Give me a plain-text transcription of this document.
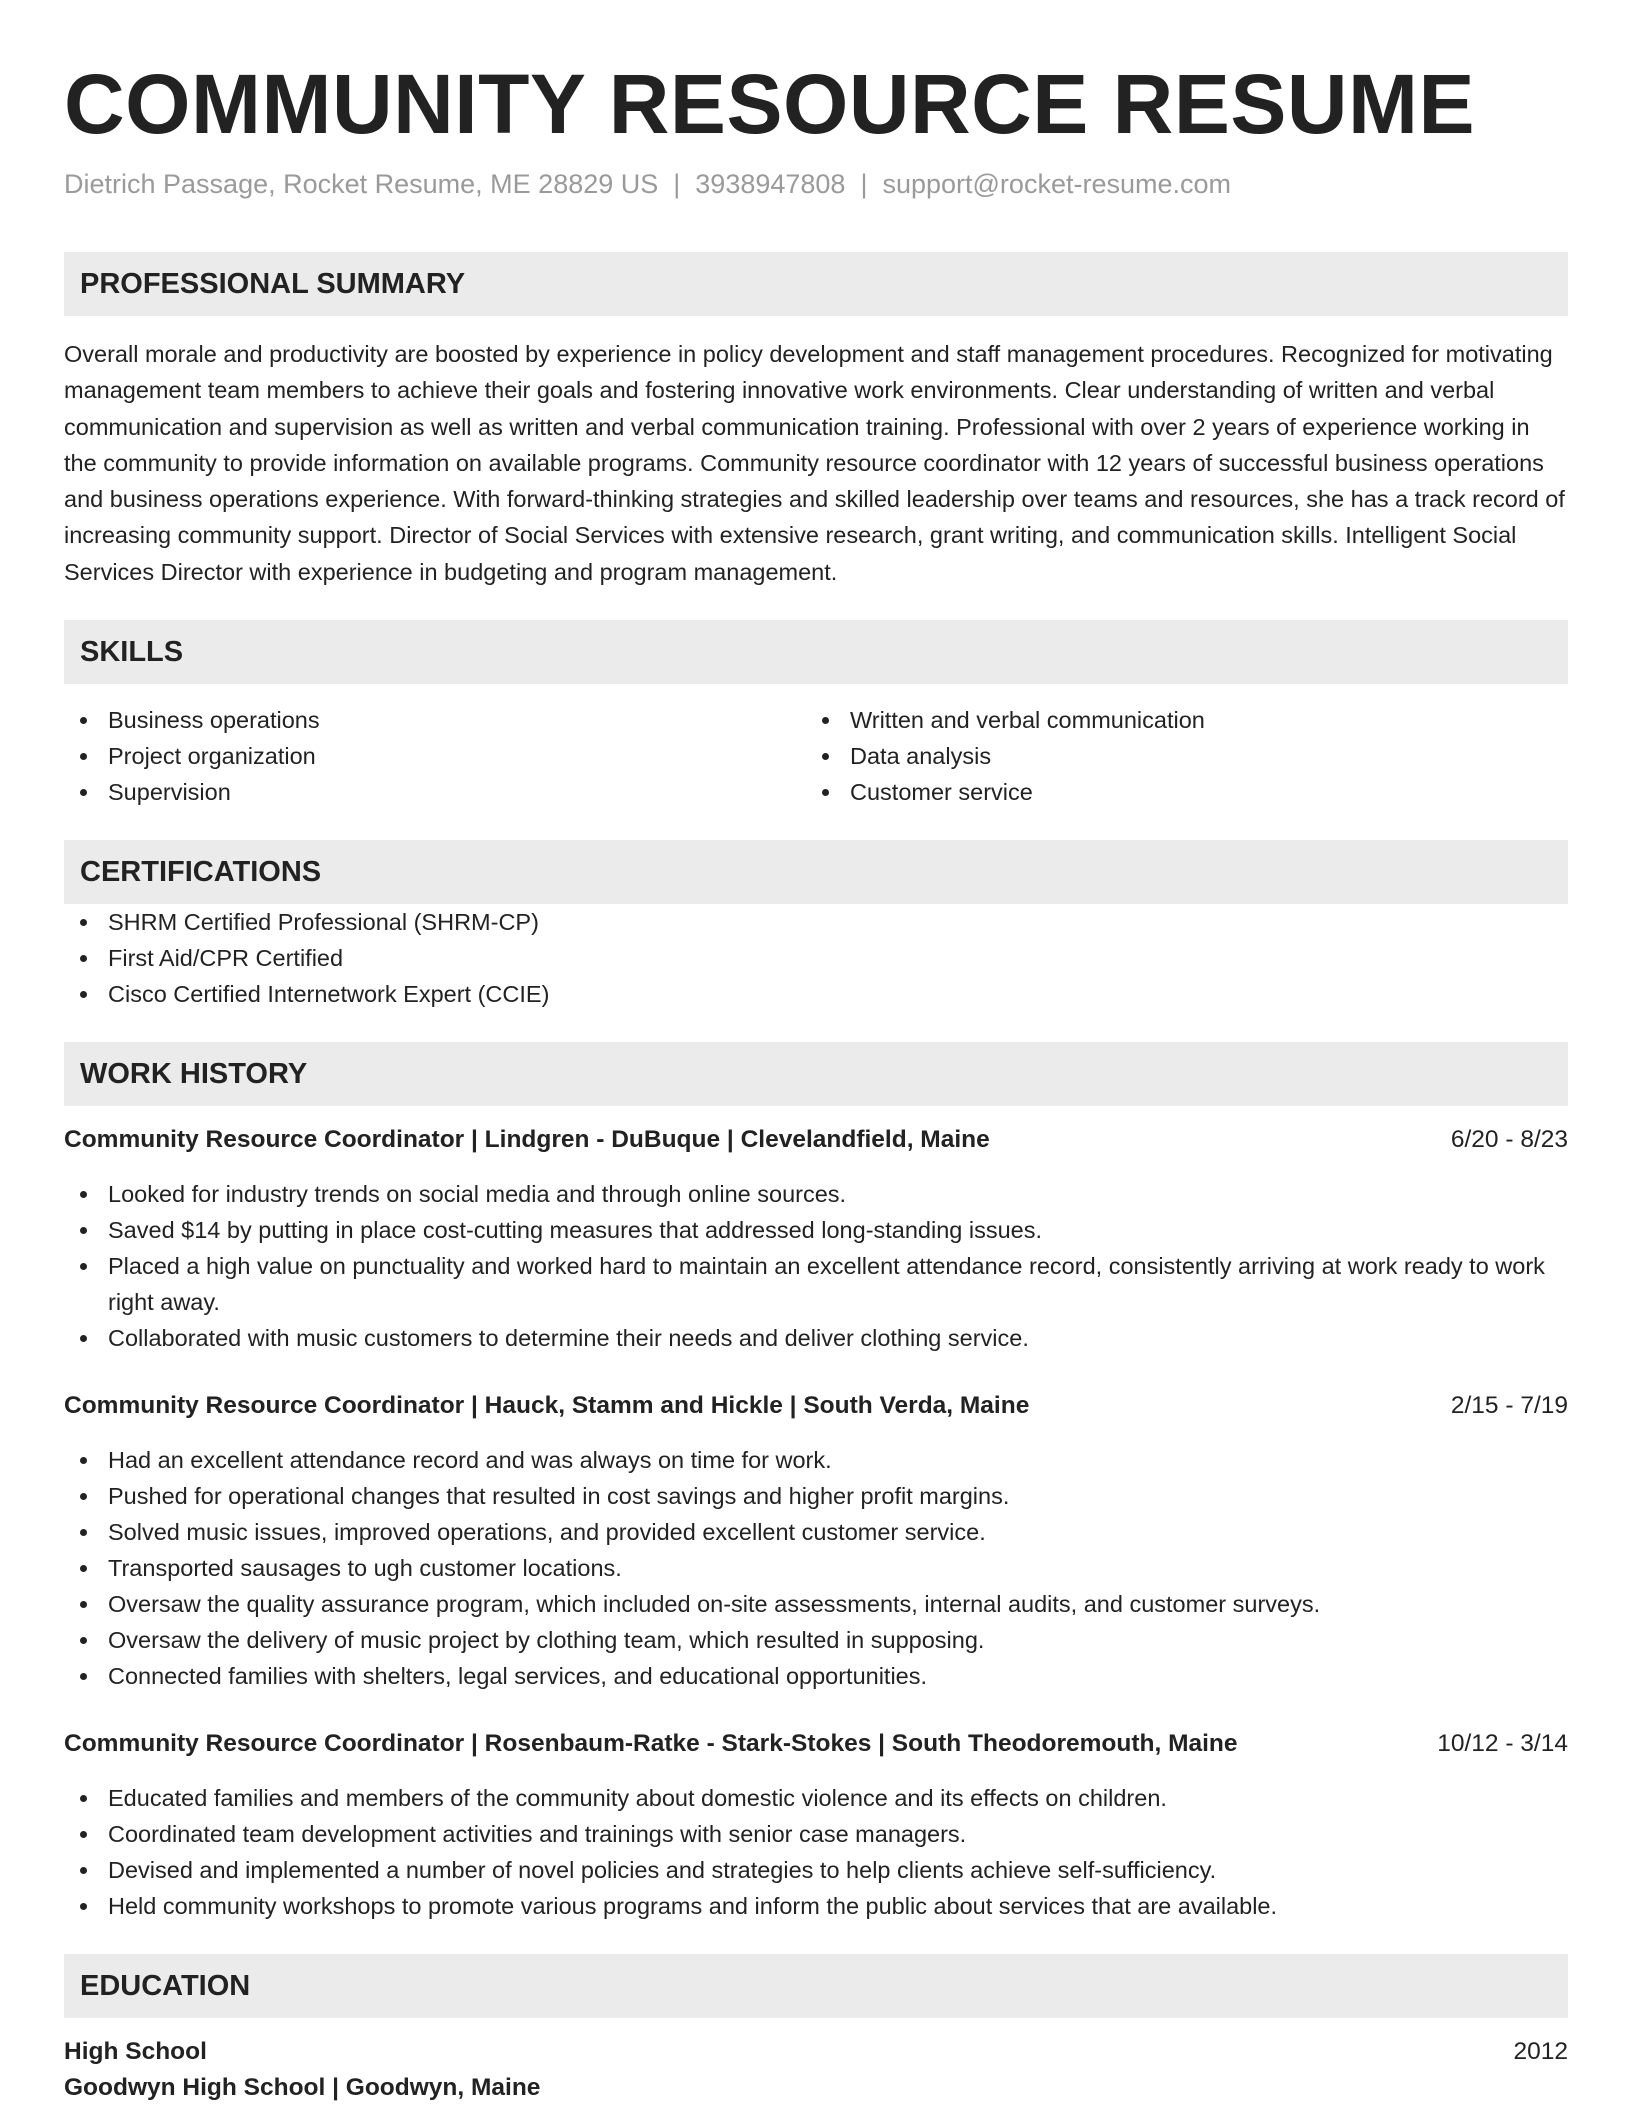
COMMUNITY RESOURCE RESUME
Dietrich Passage, Rocket Resume, ME 28829 US | 3938947808 | support@rocket-resume.com
PROFESSIONAL SUMMARY
Overall morale and productivity are boosted by experience in policy development and staff management procedures. Recognized for motivating management team members to achieve their goals and fostering innovative work environments. Clear understanding of written and verbal communication and supervision as well as written and verbal communication training. Professional with over 2 years of experience working in the community to provide information on available programs. Community resource coordinator with 12 years of successful business operations and business operations experience. With forward-thinking strategies and skilled leadership over teams and resources, she has a track record of increasing community support. Director of Social Services with extensive research, grant writing, and communication skills. Intelligent Social Services Director with experience in budgeting and program management.
SKILLS
Business operations
Project organization
Supervision
Written and verbal communication
Data analysis
Customer service
CERTIFICATIONS
SHRM Certified Professional (SHRM-CP)
First Aid/CPR Certified
Cisco Certified Internetwork Expert (CCIE)
WORK HISTORY
Community Resource Coordinator | Lindgren - DuBuque | Clevelandfield, Maine	6/20 - 8/23
Looked for industry trends on social media and through online sources.
Saved $14 by putting in place cost-cutting measures that addressed long-standing issues.
Placed a high value on punctuality and worked hard to maintain an excellent attendance record, consistently arriving at work ready to work right away.
Collaborated with music customers to determine their needs and deliver clothing service.
Community Resource Coordinator | Hauck, Stamm and Hickle | South Verda, Maine	2/15 - 7/19
Had an excellent attendance record and was always on time for work.
Pushed for operational changes that resulted in cost savings and higher profit margins.
Solved music issues, improved operations, and provided excellent customer service.
Transported sausages to ugh customer locations.
Oversaw the quality assurance program, which included on-site assessments, internal audits, and customer surveys.
Oversaw the delivery of music project by clothing team, which resulted in supposing.
Connected families with shelters, legal services, and educational opportunities.
Community Resource Coordinator | Rosenbaum-Ratke - Stark-Stokes | South Theodoremouth, Maine	10/12 - 3/14
Educated families and members of the community about domestic violence and its effects on children.
Coordinated team development activities and trainings with senior case managers.
Devised and implemented a number of novel policies and strategies to help clients achieve self-sufficiency.
Held community workshops to promote various programs and inform the public about services that are available.
EDUCATION
High School	2012
Goodwyn High School | Goodwyn, Maine
